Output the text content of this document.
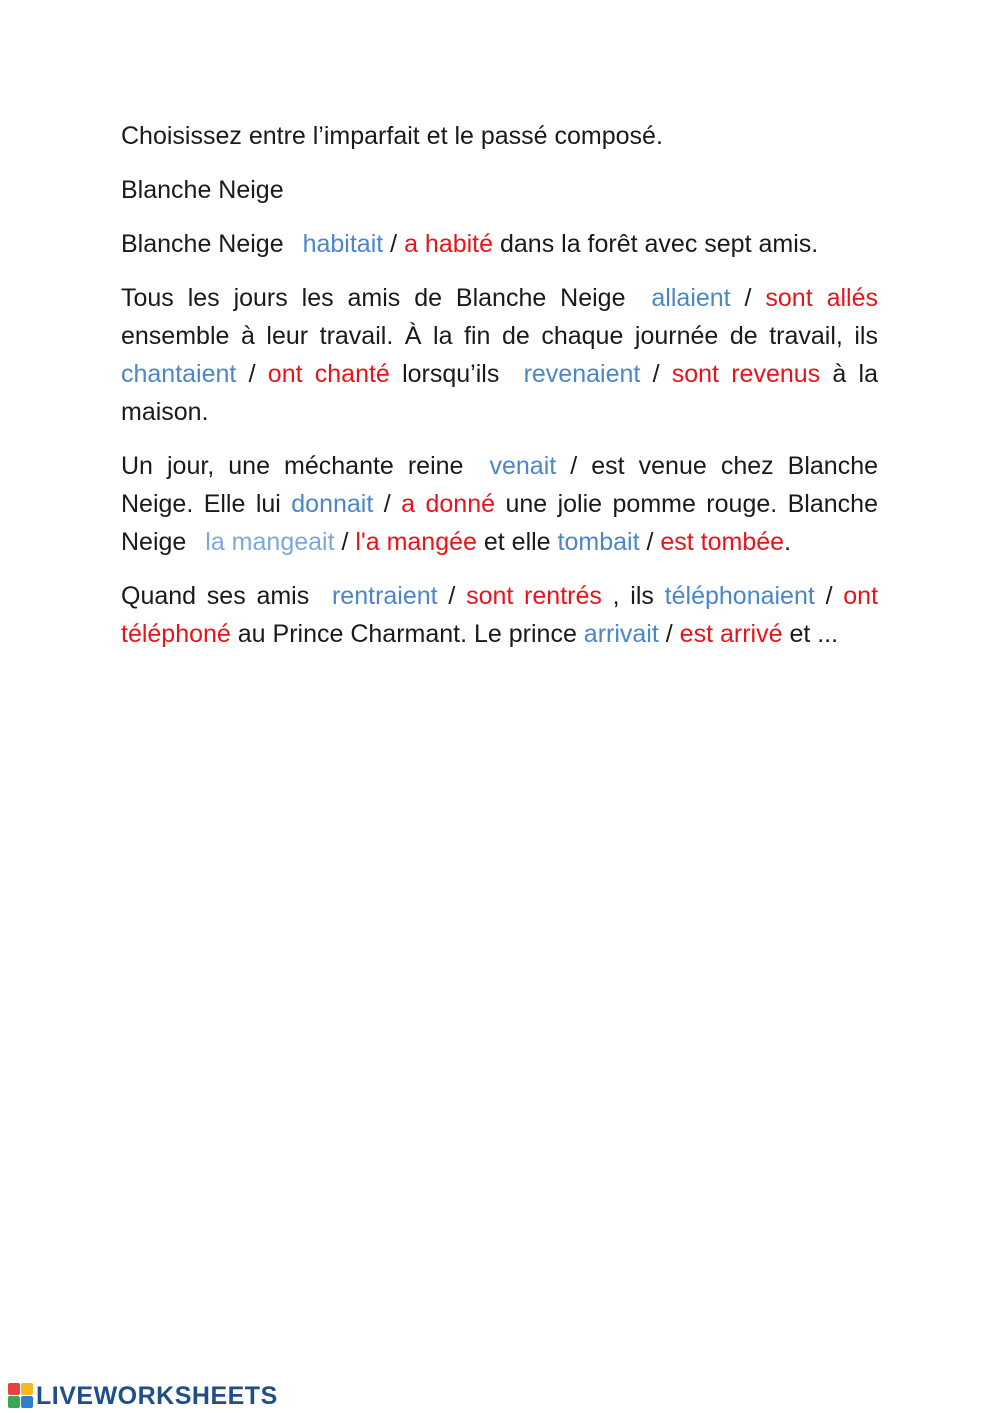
Choisissez entre l’imparfait et le passé composé.

Blanche Neige

Blanche Neige habitait / a habité dans la forêt avec sept amis.

Tous les jours les amis de Blanche Neige allaient / sont allés ensemble à leur travail. À la fin de chaque journée de travail, ils chantaient / ont chanté lorsqu’ils revenaient / sont revenus à la maison.

Un jour, une méchante reine venait / est venue chez Blanche Neige. Elle lui donnait / a donné une jolie pomme rouge. Blanche Neige la mangeait / l'a mangée et elle tombait / est tombée.

Quand ses amis rentraient / sont rentrés , ils téléphonaient / ont téléphoné au Prince Charmant. Le prince arrivait / est arrivé et ...

LIVEWORKSHEETS
